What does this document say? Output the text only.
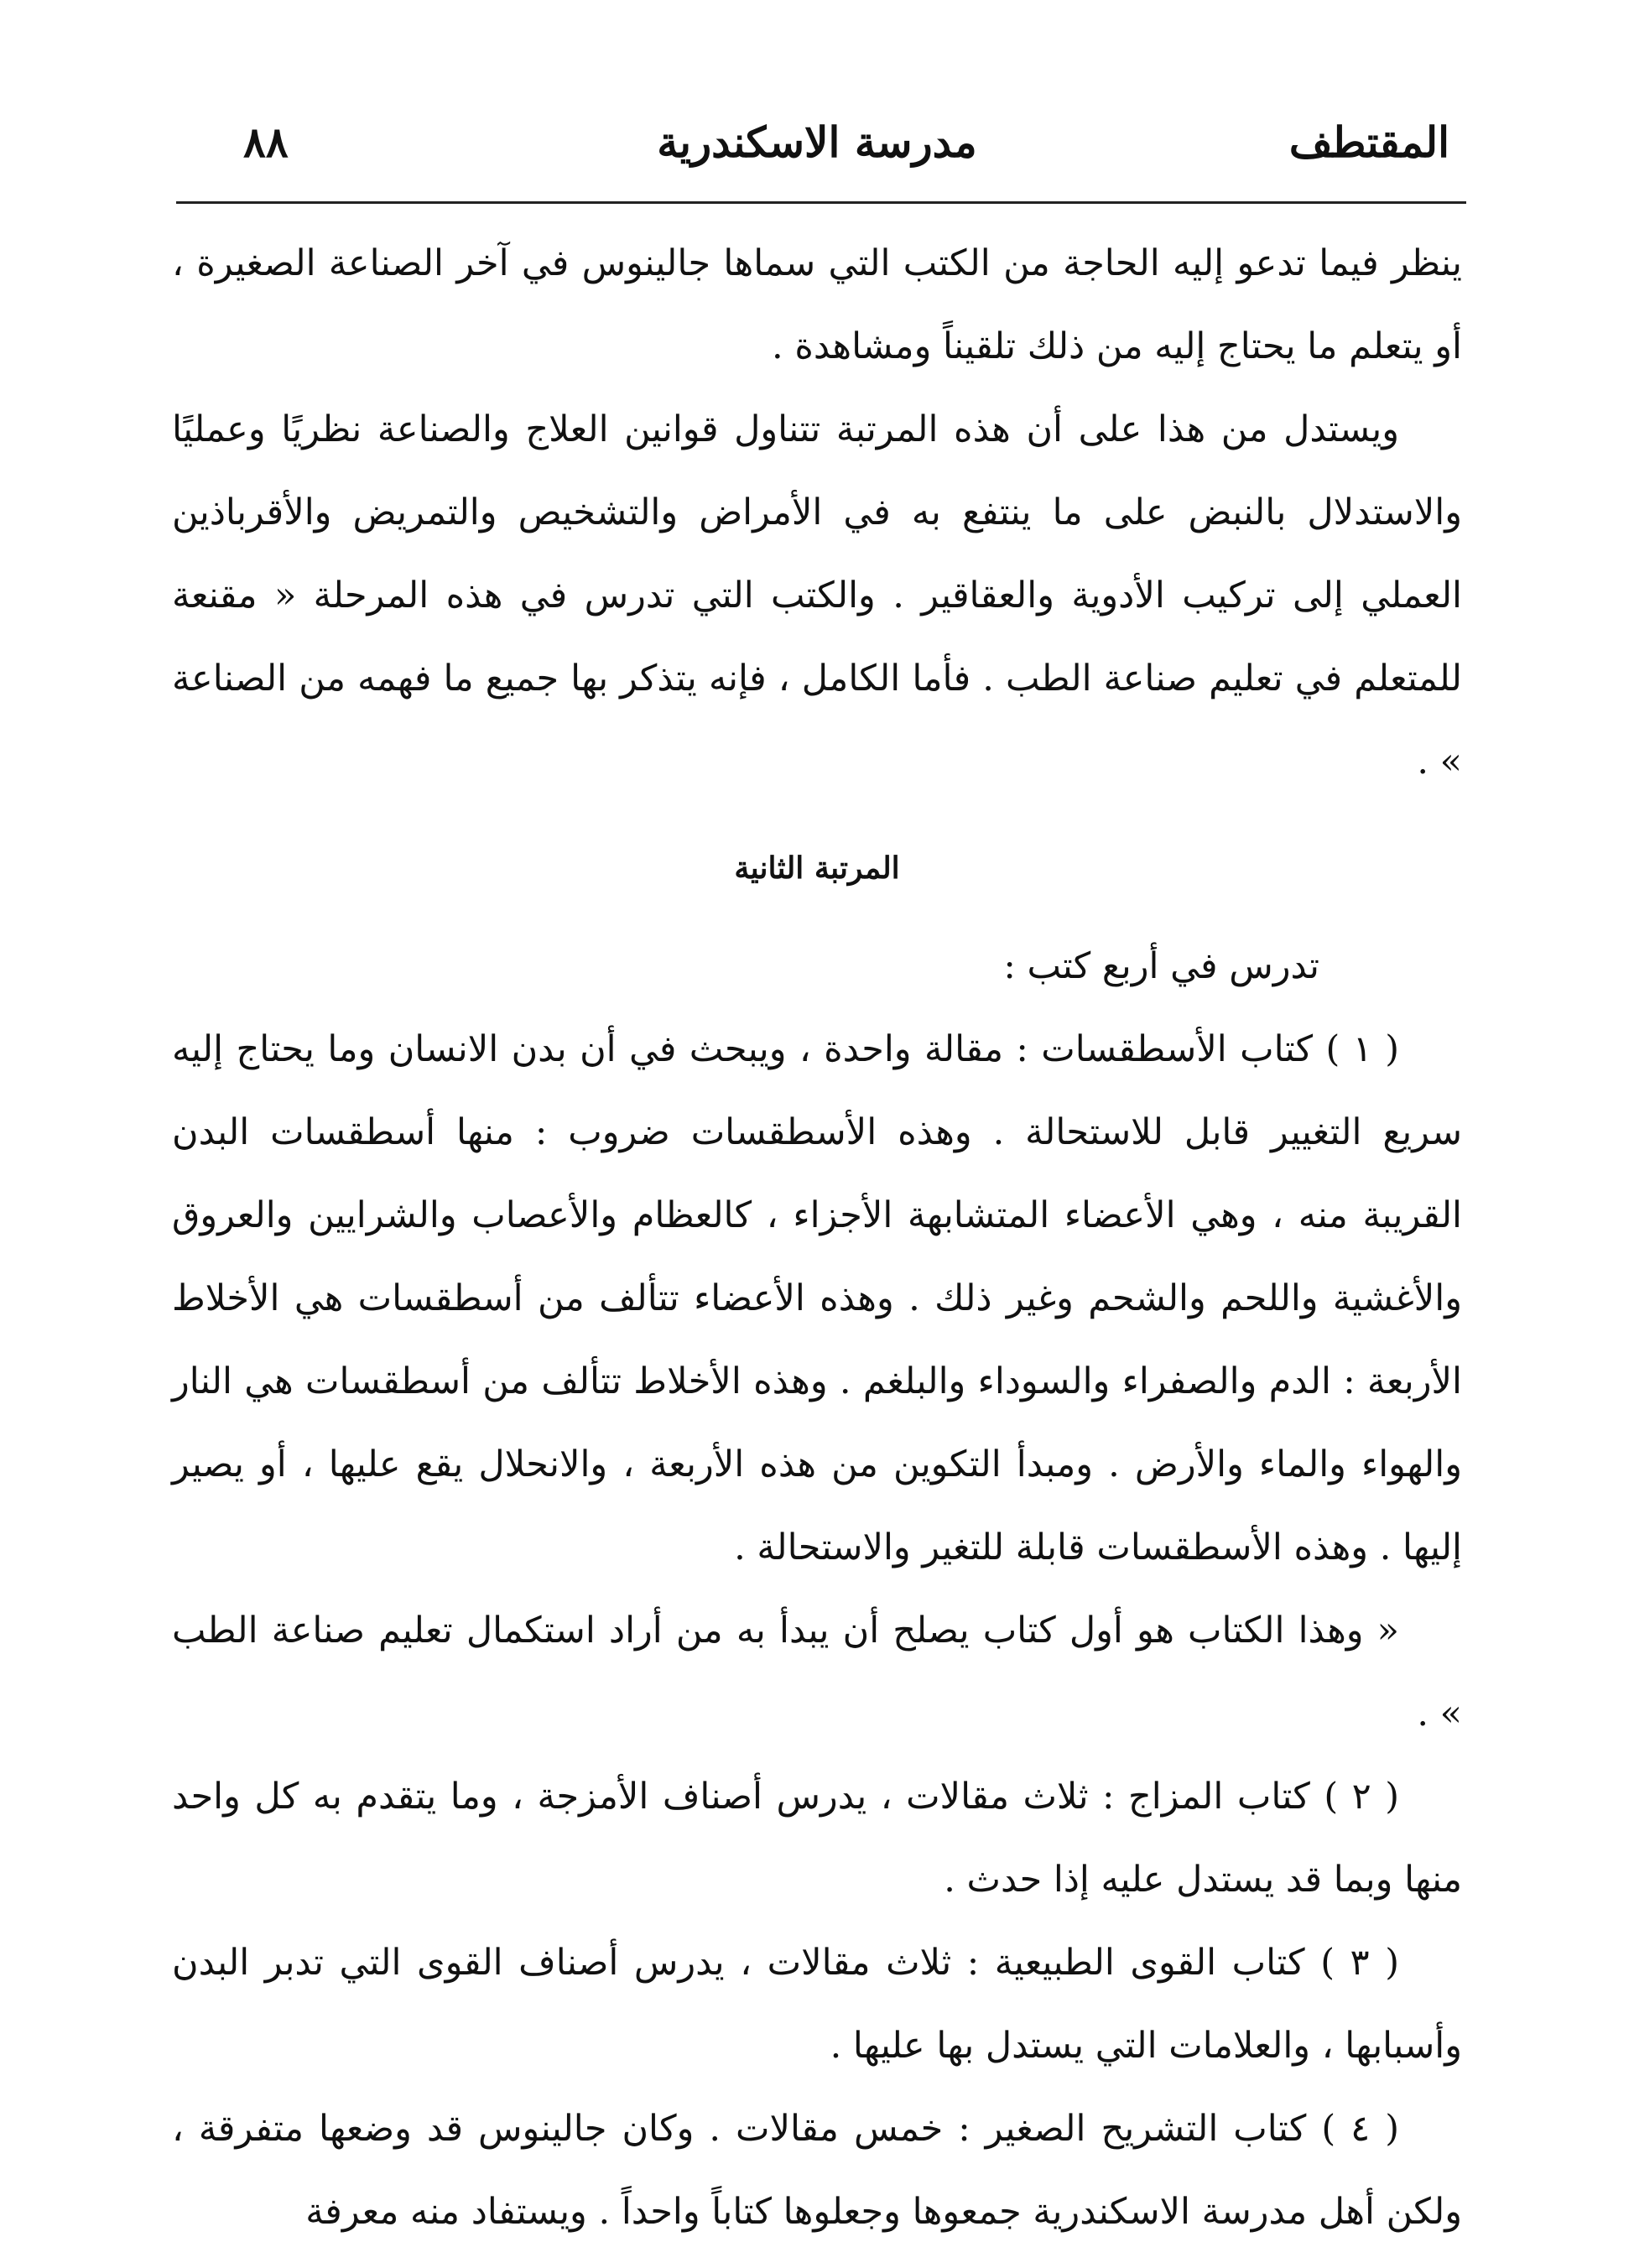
المقتطف
مدرسة الاسكندرية
٨٨

ينظر فيما تدعو إليه الحاجة من الكتب التي سماها جالينوس في آخر الصناعة الصغيرة ، أو يتعلم ما يحتاج إليه من ذلك تلقيناً ومشاهدة .

ويستدل من هذا على أن هذه المرتبة تتناول قوانين العلاج والصناعة نظريًا وعمليًا والاستدلال بالنبض على ما ينتفع به في الأمراض والتشخيص والتمريض والأقرباذين العملي إلى تركيب الأدوية والعقاقير . والكتب التي تدرس في هذه المرحلة « مقنعة للمتعلم في تعليم صناعة الطب . فأما الكامل ، فإنه يتذكر بها جميع ما فهمه من الصناعة » .

المرتبة الثانية

تدرس في أربع كتب :

( ١ ) كتاب الأسطقسات : مقالة واحدة ، ويبحث في أن بدن الانسان وما يحتاج إليه سريع التغيير قابل للاستحالة . وهذه الأسطقسات ضروب : منها أسطقسات البدن القريبة منه ، وهي الأعضاء المتشابهة الأجزاء ، كالعظام والأعصاب والشرايين والعروق والأغشية واللحم والشحم وغير ذلك . وهذه الأعضاء تتألف من أسطقسات هي الأخلاط الأربعة : الدم والصفراء والسوداء والبلغم . وهذه الأخلاط تتألف من أسطقسات هي النار والهواء والماء والأرض . ومبدأ التكوين من هذه الأربعة ، والانحلال يقع عليها ، أو يصير إليها . وهذه الأسطقسات قابلة للتغير والاستحالة .

« وهذا الكتاب هو أول كتاب يصلح أن يبدأ به من أراد استكمال تعليم صناعة الطب » .

( ٢ ) كتاب المزاج : ثلاث مقالات ، يدرس أصناف الأمزجة ، وما يتقدم به كل واحد منها وبما قد يستدل عليه إذا حدث .

( ٣ ) كتاب القوى الطبيعية : ثلاث مقالات ، يدرس أصناف القوى التي تدبر البدن وأسبابها ، والعلامات التي يستدل بها عليها .

( ٤ ) كتاب التشريح الصغير : خمس مقالات . وكان جالينوس قد وضعها متفرقة ، ولكن أهل مدرسة الاسكندرية جمعوها وجعلوها كتاباً واحداً . ويستفاد منه معرفة
